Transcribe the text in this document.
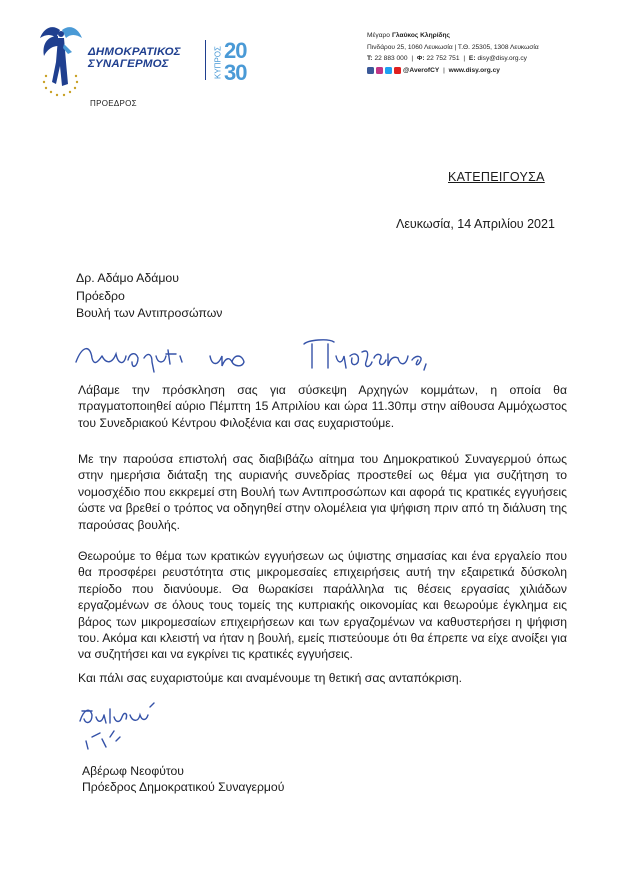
ΔΗΜΟΚΡΑΤΙΚΟΣ
ΣΥΝΑΓΕΡΜΟΣ	ΚΥΠΡΟΣ 20
30
ΠΡΟΕΔΡΟΣ
Μέγαρο Γλαύκος Κληρίδης
Πινδάρου 25, 1060 Λευκωσία | Τ.Θ. 25305, 1308 Λευκωσία
Τ: 22 883 000 | Φ: 22 752 751 | Ε: disy@disy.org.cy
@AverofCY | www.disy.org.cy
ΚΑΤΕΠΕΙΓΟΥΣΑ
Λευκωσία, 14 Απριλίου 2021
Δρ. Αδάμο Αδάμου
Πρόεδρο
Βουλή των Αντιπροσώπων
Αγαπητέ μου Πρόεδρε,
Λάβαμε την πρόσκληση σας για σύσκεψη Αρχηγών κομμάτων, η οποία θα πραγματοποιηθεί αύριο Πέμπτη 15 Απριλίου και ώρα 11.30πμ στην αίθουσα Αμμόχωστος του Συνεδριακού Κέντρου Φιλοξένια και σας ευχαριστούμε.
Με την παρούσα επιστολή σας διαβιβάζω αίτημα του Δημοκρατικού Συναγερμού όπως στην ημερήσια διάταξη της αυριανής συνεδρίας προστεθεί ως θέμα για συζήτηση το νομοσχέδιο που εκκρεμεί στη Βουλή των Αντιπροσώπων και αφορά τις κρατικές εγγυήσεις ώστε να βρεθεί ο τρόπος να οδηγηθεί στην ολομέλεια για ψήφιση πριν από τη διάλυση της παρούσας βουλής.
Θεωρούμε το θέμα των κρατικών εγγυήσεων ως ύψιστης σημασίας και ένα εργαλείο που θα προσφέρει ρευστότητα στις μικρομεσαίες επιχειρήσεις αυτή την εξαιρετικά δύσκολη περίοδο που διανύουμε. Θα θωρακίσει παράλληλα τις θέσεις εργασίας χιλιάδων εργαζομένων σε όλους τους τομείς της κυπριακής οικονομίας και θεωρούμε έγκλημα εις βάρος των μικρομεσαίων επιχειρήσεων και των εργαζομένων να καθυστερήσει η ψήφιση του. Ακόμα και κλειστή να ήταν η βουλή, εμείς πιστεύουμε ότι θα έπρεπε να είχε ανοίξει για να συζητήσει και να εγκρίνει τις κρατικές εγγυήσεις.
Και πάλι σας ευχαριστούμε και αναμένουμε τη θετική σας ανταπόκριση.
Φιλικά
Αβέρωφ Νεοφύτου
Πρόεδρος Δημοκρατικού Συναγερμού
